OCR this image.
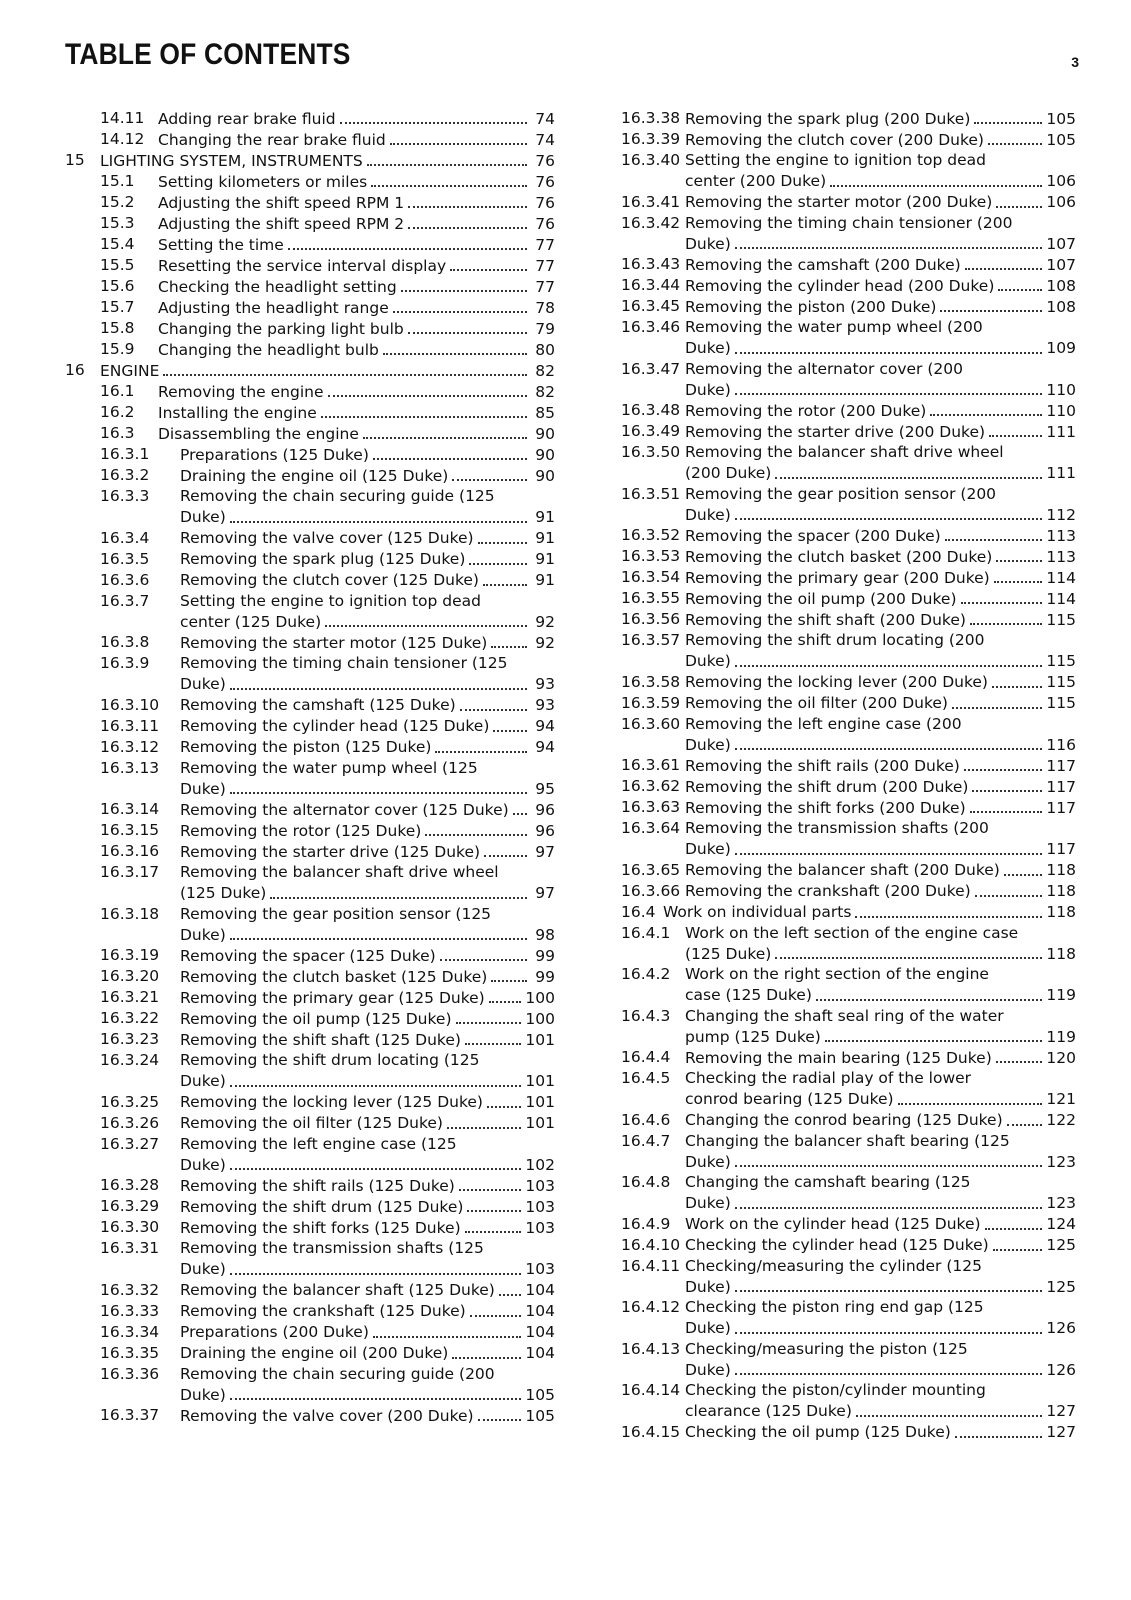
TABLE OF CONTENTS	3
14.11 Adding rear brake fluid	74
14.12 Changing the rear brake fluid	74
15 LIGHTING SYSTEM, INSTRUMENTS	76
15.1 Setting kilometers or miles	76
15.2 Adjusting the shift speed RPM 1	76
15.3 Adjusting the shift speed RPM 2	76
15.4 Setting the time	77
15.5 Resetting the service interval display	77
15.6 Checking the headlight setting	77
15.7 Adjusting the headlight range	78
15.8 Changing the parking light bulb	79
15.9 Changing the headlight bulb	80
16 ENGINE	82
16.1 Removing the engine	82
16.2 Installing the engine	85
16.3 Disassembling the engine	90
16.3.1 Preparations (125 Duke)	90
16.3.2 Draining the engine oil (125 Duke)	90
16.3.3 Removing the chain securing guide (125
Duke)	91
16.3.4 Removing the valve cover (125 Duke)	91
16.3.5 Removing the spark plug (125 Duke)	91
16.3.6 Removing the clutch cover (125 Duke)	91
16.3.7 Setting the engine to ignition top dead
center (125 Duke)	92
16.3.8 Removing the starter motor (125 Duke)	92
16.3.9 Removing the timing chain tensioner (125
Duke)	93
16.3.10 Removing the camshaft (125 Duke)	93
16.3.11 Removing the cylinder head (125 Duke)	94
16.3.12 Removing the piston (125 Duke)	94
16.3.13 Removing the water pump wheel (125
Duke)	95
16.3.14 Removing the alternator cover (125 Duke) 96
16.3.15 Removing the rotor (125 Duke)	96
16.3.16 Removing the starter drive (125 Duke)	97
16.3.17 Removing the balancer shaft drive wheel
(125 Duke)	97
16.3.18 Removing the gear position sensor (125
Duke)	98
16.3.19 Removing the spacer (125 Duke)	99
16.3.20 Removing the clutch basket (125 Duke)	99
16.3.21 Removing the primary gear (125 Duke)	100
16.3.22 Removing the oil pump (125 Duke)	100
16.3.23 Removing the shift shaft (125 Duke)	101
16.3.24 Removing the shift drum locating (125
Duke)	101
16.3.25 Removing the locking lever (125 Duke)	101
16.3.26 Removing the oil filter (125 Duke)	101
16.3.27 Removing the left engine case (125
Duke)	102
16.3.28 Removing the shift rails (125 Duke)	103
16.3.29 Removing the shift drum (125 Duke)	103
16.3.30 Removing the shift forks (125 Duke)	103
16.3.31 Removing the transmission shafts (125
Duke)	103
16.3.32 Removing the balancer shaft (125 Duke) 104
16.3.33 Removing the crankshaft (125 Duke)	104
16.3.34 Preparations (200 Duke)	104
16.3.35 Draining the engine oil (200 Duke)	104
16.3.36 Removing the chain securing guide (200
Duke)	105
16.3.37 Removing the valve cover (200 Duke)	105
16.3.38 Removing the spark plug (200 Duke)	105
16.3.39 Removing the clutch cover (200 Duke)	105
16.3.40 Setting the engine to ignition top dead
center (200 Duke)	106
16.3.41 Removing the starter motor (200 Duke)	106
16.3.42 Removing the timing chain tensioner (200
Duke)	107
16.3.43 Removing the camshaft (200 Duke)	107
16.3.44 Removing the cylinder head (200 Duke)	108
16.3.45 Removing the piston (200 Duke)	108
16.3.46 Removing the water pump wheel (200
Duke)	109
16.3.47 Removing the alternator cover (200
Duke)	110
16.3.48 Removing the rotor (200 Duke)	110
16.3.49 Removing the starter drive (200 Duke)	111
16.3.50 Removing the balancer shaft drive wheel
(200 Duke)	111
16.3.51 Removing the gear position sensor (200
Duke)	112
16.3.52 Removing the spacer (200 Duke)	113
16.3.53 Removing the clutch basket (200 Duke)	113
16.3.54 Removing the primary gear (200 Duke)	114
16.3.55 Removing the oil pump (200 Duke)	114
16.3.56 Removing the shift shaft (200 Duke)	115
16.3.57 Removing the shift drum locating (200
Duke)	115
16.3.58 Removing the locking lever (200 Duke)	115
16.3.59 Removing the oil filter (200 Duke)	115
16.3.60 Removing the left engine case (200
Duke)	116
16.3.61 Removing the shift rails (200 Duke)	117
16.3.62 Removing the shift drum (200 Duke)	117
16.3.63 Removing the shift forks (200 Duke)	117
16.3.64 Removing the transmission shafts (200
Duke)	117
16.3.65 Removing the balancer shaft (200 Duke)	118
16.3.66 Removing the crankshaft (200 Duke)	118
16.4 Work on individual parts	118
16.4.1 Work on the left section of the engine case
(125 Duke)	118
16.4.2 Work on the right section of the engine
case (125 Duke)	119
16.4.3 Changing the shaft seal ring of the water
pump (125 Duke)	119
16.4.4 Removing the main bearing (125 Duke)	120
16.4.5 Checking the radial play of the lower
conrod bearing (125 Duke)	121
16.4.6 Changing the conrod bearing (125 Duke)	122
16.4.7 Changing the balancer shaft bearing (125
Duke)	123
16.4.8 Changing the camshaft bearing (125
Duke)	123
16.4.9 Work on the cylinder head (125 Duke)	124
16.4.10 Checking the cylinder head (125 Duke)	125
16.4.11 Checking/measuring the cylinder (125
Duke)	125
16.4.12 Checking the piston ring end gap (125
Duke)	126
16.4.13 Checking/measuring the piston (125
Duke)	126
16.4.14 Checking the piston/cylinder mounting
clearance (125 Duke)	127
16.4.15 Checking the oil pump (125 Duke)	127
